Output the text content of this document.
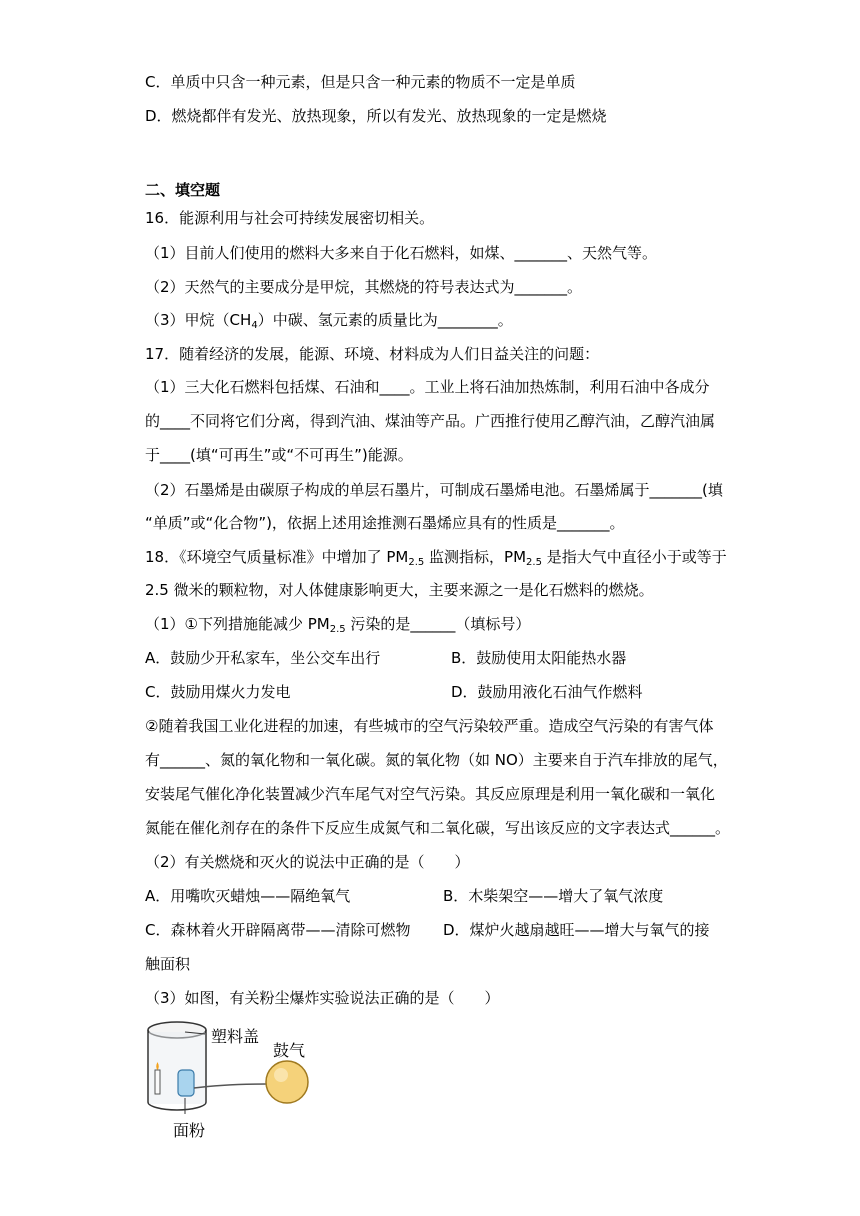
C．单质中只含一种元素，但是只含一种元素的物质不一定是单质
D．燃烧都伴有发光、放热现象，所以有发光、放热现象的一定是燃烧
二、填空题
16．能源利用与社会可持续发展密切相关。
（1）目前人们使用的燃料大多来自于化石燃料，如煤、_______、天然气等。
（2）天然气的主要成分是甲烷，其燃烧的符号表达式为_______。
（3）甲烷$(CH_4)$中碳、氢元素的质量比为________。
17．随着经济的发展，能源、环境、材料成为人们日益关注的问题：
（1）三大化石燃料包括煤、石油和____。工业上将石油加热炼制，利用石油中各成分
的____不同将它们分离，得到汽油、煤油等产品。广西推行使用乙醇汽油，乙醇汽油属
于____(填“可再生”或“不可再生”)能源。
（2）石墨烯是由碳原子构成的单层石墨片，可制成石墨烯电池。石墨烯属于_______(填
“单质”或“化合物”)，依据上述用途推测石墨烯应具有的性质是_______。
18．《环境空气质量标准》中增加了 $PM_{2.5}$ 监测指标，$PM_{2.5}$ 是指大气中直径小于或等于
2.5 微米的颗粒物，对人体健康影响更大，主要来源之一是化石燃料的燃烧。
（1）①下列措施能减少 $PM_{2.5}$ 污染的是______（填标号）
A．鼓励少开私家车，坐公交车出行	B．鼓励使用太阳能热水器
C．鼓励用煤火力发电	D．鼓励用液化石油气作燃料
②随着我国工业化进程的加速，有些城市的空气污染较严重。造成空气污染的有害气体
有______、氮的氧化物和一氧化碳。氮的氧化物（如 NO）主要来自于汽车排放的尾气，
安装尾气催化净化装置减少汽车尾气对空气污染。其反应原理是利用一氧化碳和一氧化
氮能在催化剂存在的条件下反应生成氮气和二氧化碳，写出该反应的文字表达式______。
（2）有关燃烧和灭火的说法中正确的是（　　）
A．用嘴吹灭蜡烛——隔绝氧气	B．木柴架空——增大了氧气浓度
C．森林着火开辟隔离带——清除可燃物 D．煤炉火越扇越旺——增大与氧气的接
触面积
（3）如图，有关粉尘爆炸实验说法正确的是（　　）
塑料盖
鼓气
面粉
